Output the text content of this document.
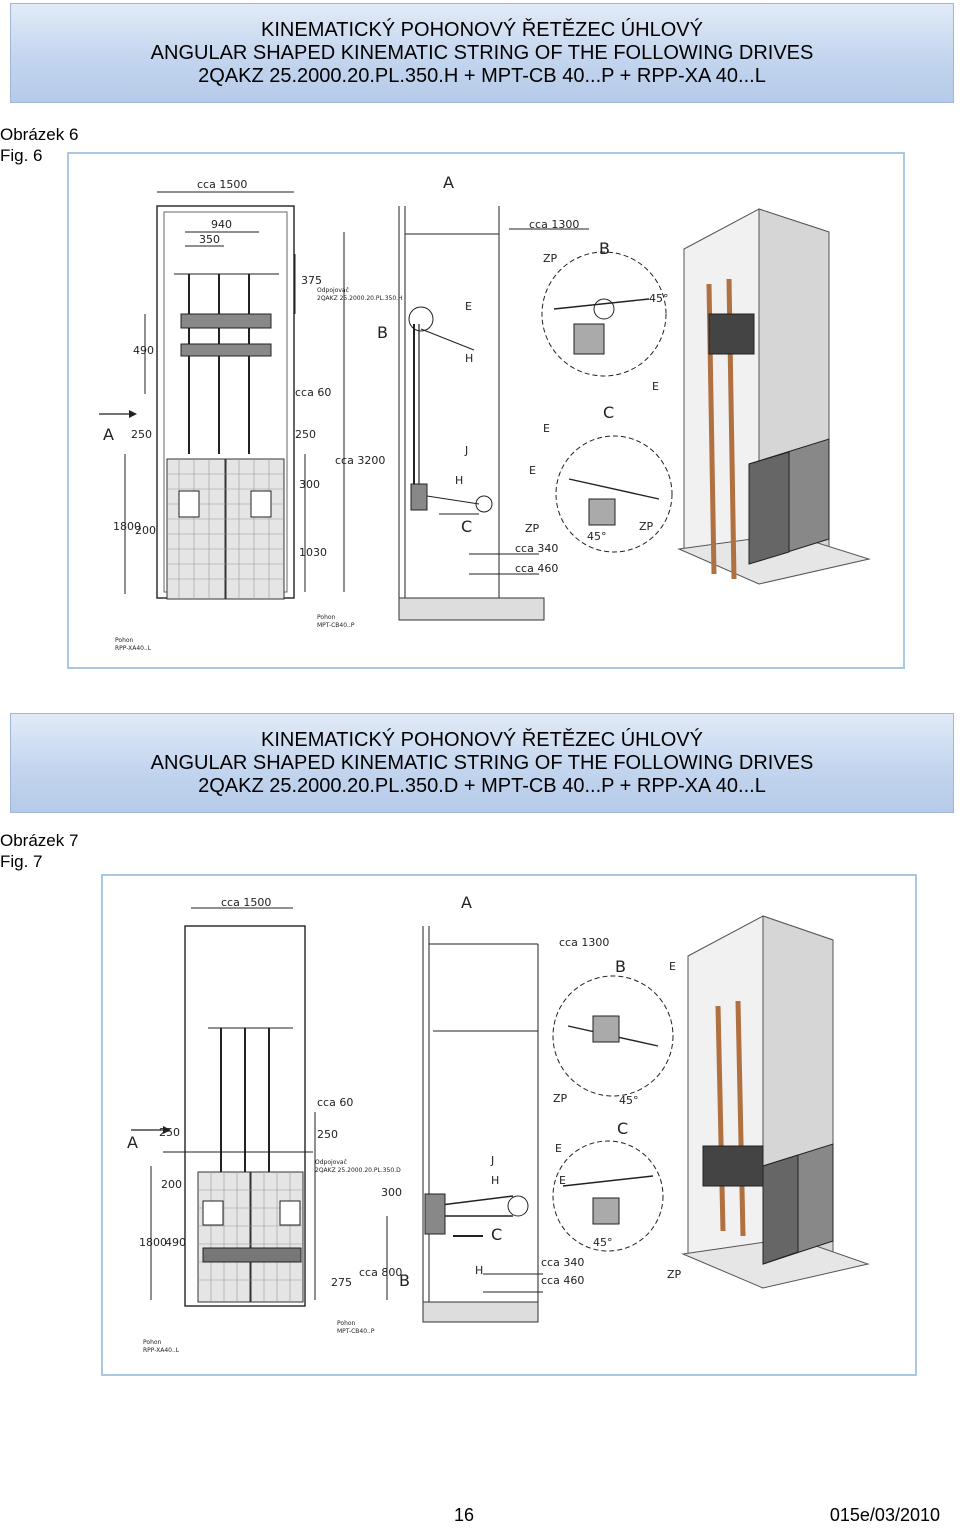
KINEMATICKÝ POHONOVÝ ŘETĚZEC ÚHLOVÝ
ANGULAR SHAPED KINEMATIC STRING OF THE FOLLOWING DRIVES
2QAKZ 25.2000.20.PL.350.H + MPT-CB 40...P + RPP-XA 40...L
Obrázek 6
Fig. 6
cca 1500
940
350
375
490
cca 60
250	250
300
cca 3200
1800
200
1030
A
Odpojovač
2QAKZ 25.2000.20.PL.350.H
Pohon
MPT-CB40..P
Pohon
RPP-XA40..L
A
cca 1300
B
E
H
J
H
C
cca 340
cca 460
ZP
B
45°
E
C
E
E
ZP
45°
ZP
KINEMATICKÝ POHONOVÝ ŘETĚZEC ÚHLOVÝ
ANGULAR SHAPED KINEMATIC STRING OF THE FOLLOWING DRIVES
2QAKZ 25.2000.20.PL.350.D + MPT-CB 40...P + RPP-XA 40...L
Obrázek 7
Fig. 7
cca 1500
cca 60
250	250
200
300
1800
490
275
cca 800
A
Odpojovač
2QAKZ 25.2000.20.PL.350.D
Pohon
MPT-CB40..P
Pohon
RPP-XA40..L
A
cca 1300
J
H
C
H
B
cca 340
cca 460
B	E
ZP	45°
C
E
E
45°
ZP
16	015e/03/2010
